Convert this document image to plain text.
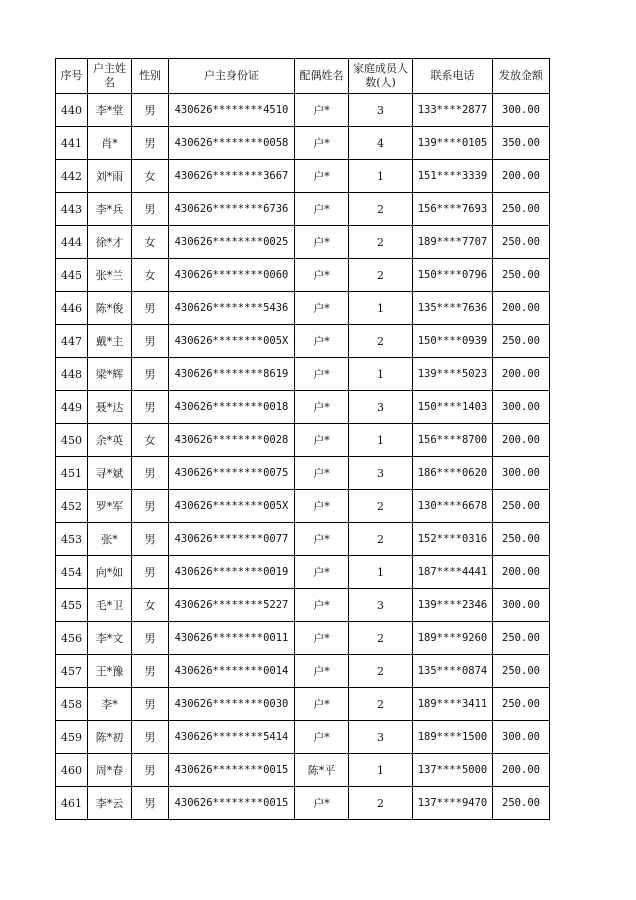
序号	户主姓名	性别	户主身份证	配偶姓名	家庭成员人数(人)	联系电话	发放金额
440	李*堂	男	430626********4510	户*	3	133****2877	300.00
441	肖*	男	430626********0058	户*	4	139****0105	350.00
442	刘*雨	女	430626********3667	户*	1	151****3339	200.00
443	李*兵	男	430626********6736	户*	2	156****7693	250.00
444	徐*才	女	430626********0025	户*	2	189****7707	250.00
445	张*兰	女	430626********0060	户*	2	150****0796	250.00
446	陈*俊	男	430626********5436	户*	1	135****7636	200.00
447	戴*主	男	430626********005X	户*	2	150****0939	250.00
448	梁*辉	男	430626********8619	户*	1	139****5023	200.00
449	聂*达	男	430626********0018	户*	3	150****1403	300.00
450	余*英	女	430626********0028	户*	1	156****8700	200.00
451	寻*斌	男	430626********0075	户*	3	186****0620	300.00
452	罗*军	男	430626********005X	户*	2	130****6678	250.00
453	张*	男	430626********0077	户*	2	152****0316	250.00
454	向*如	男	430626********0019	户*	1	187****4441	200.00
455	毛*卫	女	430626********5227	户*	3	139****2346	300.00
456	李*文	男	430626********0011	户*	2	189****9260	250.00
457	王*豫	男	430626********0014	户*	2	135****0874	250.00
458	李*	男	430626********0030	户*	2	189****3411	250.00
459	陈*初	男	430626********5414	户*	3	189****1500	300.00
460	周*春	男	430626********0015	陈*平	1	137****5000	200.00
461	李*云	男	430626********0015	户*	2	137****9470	250.00
